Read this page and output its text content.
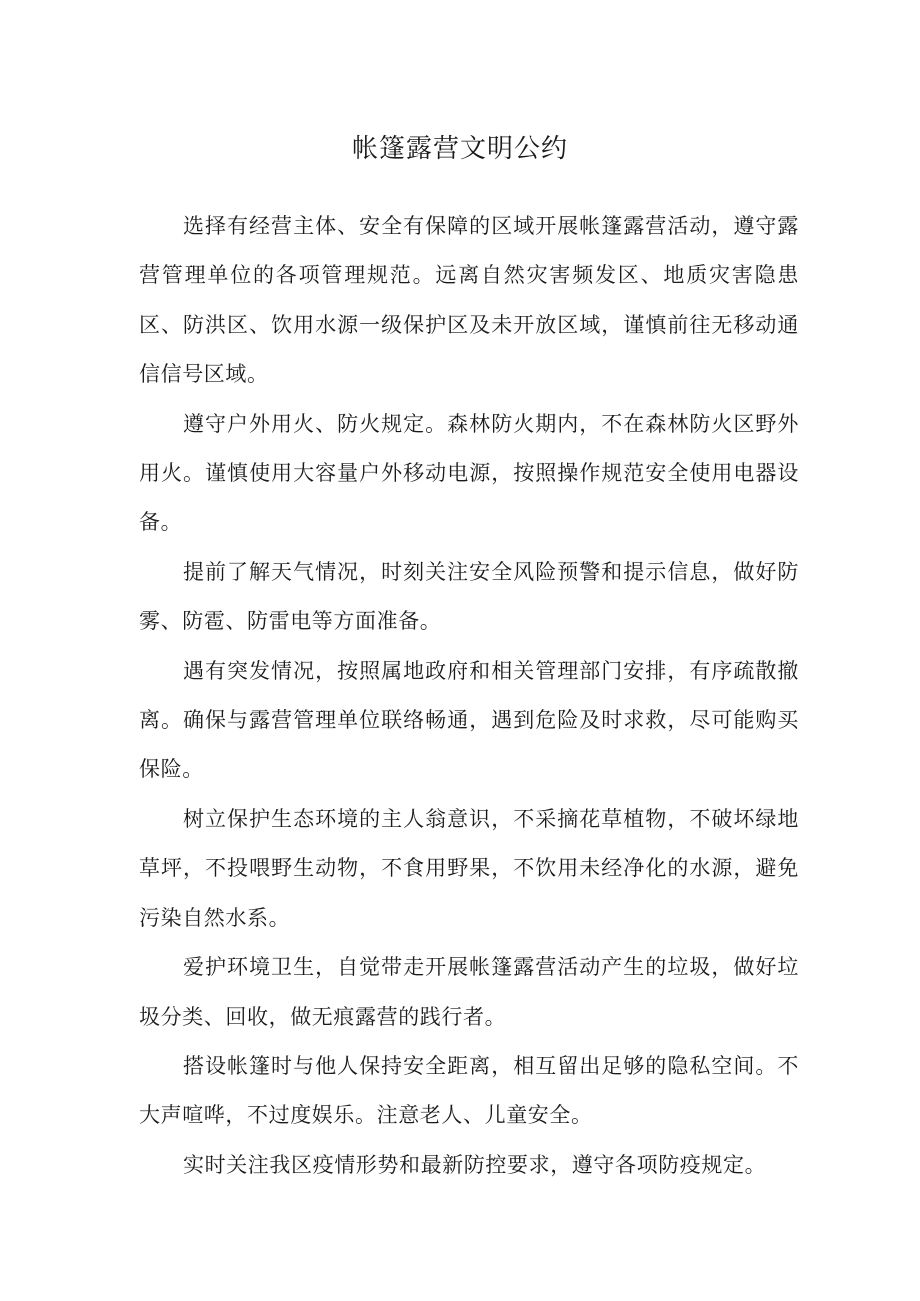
帐篷露营文明公约

选择有经营主体、安全有保障的区域开展帐篷露营活动，遵守露营管理单位的各项管理规范。远离自然灾害频发区、地质灾害隐患区、防洪区、饮用水源一级保护区及未开放区域，谨慎前往无移动通信信号区域。

遵守户外用火、防火规定。森林防火期内，不在森林防火区野外用火。谨慎使用大容量户外移动电源，按照操作规范安全使用电器设备。

提前了解天气情况，时刻关注安全风险预警和提示信息，做好防雾、防雹、防雷电等方面准备。

遇有突发情况，按照属地政府和相关管理部门安排，有序疏散撤离。确保与露营管理单位联络畅通，遇到危险及时求救，尽可能购买保险。

树立保护生态环境的主人翁意识，不采摘花草植物，不破坏绿地草坪，不投喂野生动物，不食用野果，不饮用未经净化的水源，避免污染自然水系。

爱护环境卫生，自觉带走开展帐篷露营活动产生的垃圾，做好垃圾分类、回收，做无痕露营的践行者。

搭设帐篷时与他人保持安全距离，相互留出足够的隐私空间。不大声喧哗，不过度娱乐。注意老人、儿童安全。

实时关注我区疫情形势和最新防控要求，遵守各项防疫规定。
